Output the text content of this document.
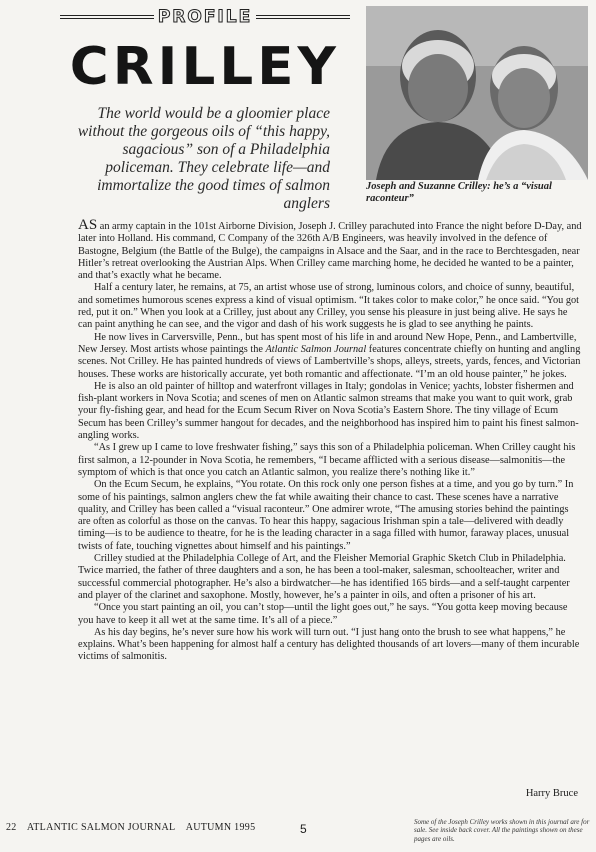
PROFILE
CRILLEY
The world would be a gloomier place without the gorgeous oils of “this happy, sagacious” son of a Philadelphia policeman. They celebrate life—and immortalize the good times of salmon anglers
Joseph and Suzanne Crilley: he’s a “visual raconteur”

AS an army captain in the 101st Airborne Division, Joseph J. Crilley parachuted into France the night before D-Day, and later into Holland. His command, C Company of the 326th A/B Engineers, was heavily involved in the defence of Bastogne, Belgium (the Battle of the Bulge), the campaigns in Alsace and the Saar, and in the race to Berchtesgaden, near Hitler’s retreat overlooking the Austrian Alps. When Crilley came marching home, he decided he wanted to be a painter, and that’s exactly what he became.

Half a century later, he remains, at 75, an artist whose use of strong, luminous colors, and choice of sunny, beautiful, and sometimes humorous scenes express a kind of visual optimism. “It takes color to make color,” he once said. “You got red, put it on.” When you look at a Crilley, just about any Crilley, you sense his pleasure in just being alive. He says he can paint anything he can see, and the vigor and dash of his work suggests he is glad to see anything he paints.

He now lives in Carversville, Penn., but has spent most of his life in and around New Hope, Penn., and Lambertville, New Jersey. Most artists whose paintings the Atlantic Salmon Journal features concentrate chiefly on hunting and angling scenes. Not Crilley. He has painted hundreds of views of Lambertville’s shops, alleys, streets, yards, fences, and Victorian houses. These works are historically accurate, yet both romantic and affectionate. “I’m an old house painter,” he jokes.

He is also an old painter of hilltop and waterfront villages in Italy; gondolas in Venice; yachts, lobster fishermen and fish-plant workers in Nova Scotia; and scenes of men on Atlantic salmon streams that make you want to quit work, grab your fly-fishing gear, and head for the Ecum Secum River on Nova Scotia’s Eastern Shore. The tiny village of Ecum Secum has been Crilley’s summer hangout for decades, and the neighborhood has inspired him to paint his finest salmon-angling works.

“As I grew up I came to love freshwater fishing,” says this son of a Philadelphia policeman. When Crilley caught his first salmon, a 12-pounder in Nova Scotia, he remembers, “I became afflicted with a serious disease—salmonitis—the symptom of which is that once you catch an Atlantic salmon, you realize there’s nothing like it.”

On the Ecum Secum, he explains, “You rotate. On this rock only one person fishes at a time, and you go by turn.” In some of his paintings, salmon anglers chew the fat while awaiting their chance to cast. These scenes have a narrative quality, and Crilley has been called a “visual raconteur.” One admirer wrote, “The amusing stories behind the paintings are often as colorful as those on the canvas. To hear this happy, sagacious Irishman spin a tale—delivered with deadly timing—is to be audience to theatre, for he is the leading character in a saga filled with humor, faraway places, unusual twists of fate, touching vignettes about himself and his paintings.”

Crilley studied at the Philadelphia College of Art, and the Fleisher Memorial Graphic Sketch Club in Philadelphia. Twice married, the father of three daughters and a son, he has been a tool-maker, salesman, schoolteacher, writer and successful commercial photographer. He’s also a birdwatcher—he has identified 165 birds—and a self-taught carpenter and player of the clarinet and saxophone. Mostly, however, he’s a painter in oils, and often a prisoner of his art.

“Once you start painting an oil, you can’t stop—until the light goes out,” he says. “You gotta keep moving because you have to keep it all wet at the same time. It’s all of a piece.”

As his day begins, he’s never sure how his work will turn out. “I just hang onto the brush to see what happens,” he explains. What’s been happening for almost half a century has delighted thousands of art lovers—many of them incurable victims of salmonitis.

Harry Bruce
22 ATLANTIC SALMON JOURNAL AUTUMN 1995	5	Some of the Joseph Crilley works shown in this journal are for sale. See inside back cover. All the paintings shown on these pages are oils.
